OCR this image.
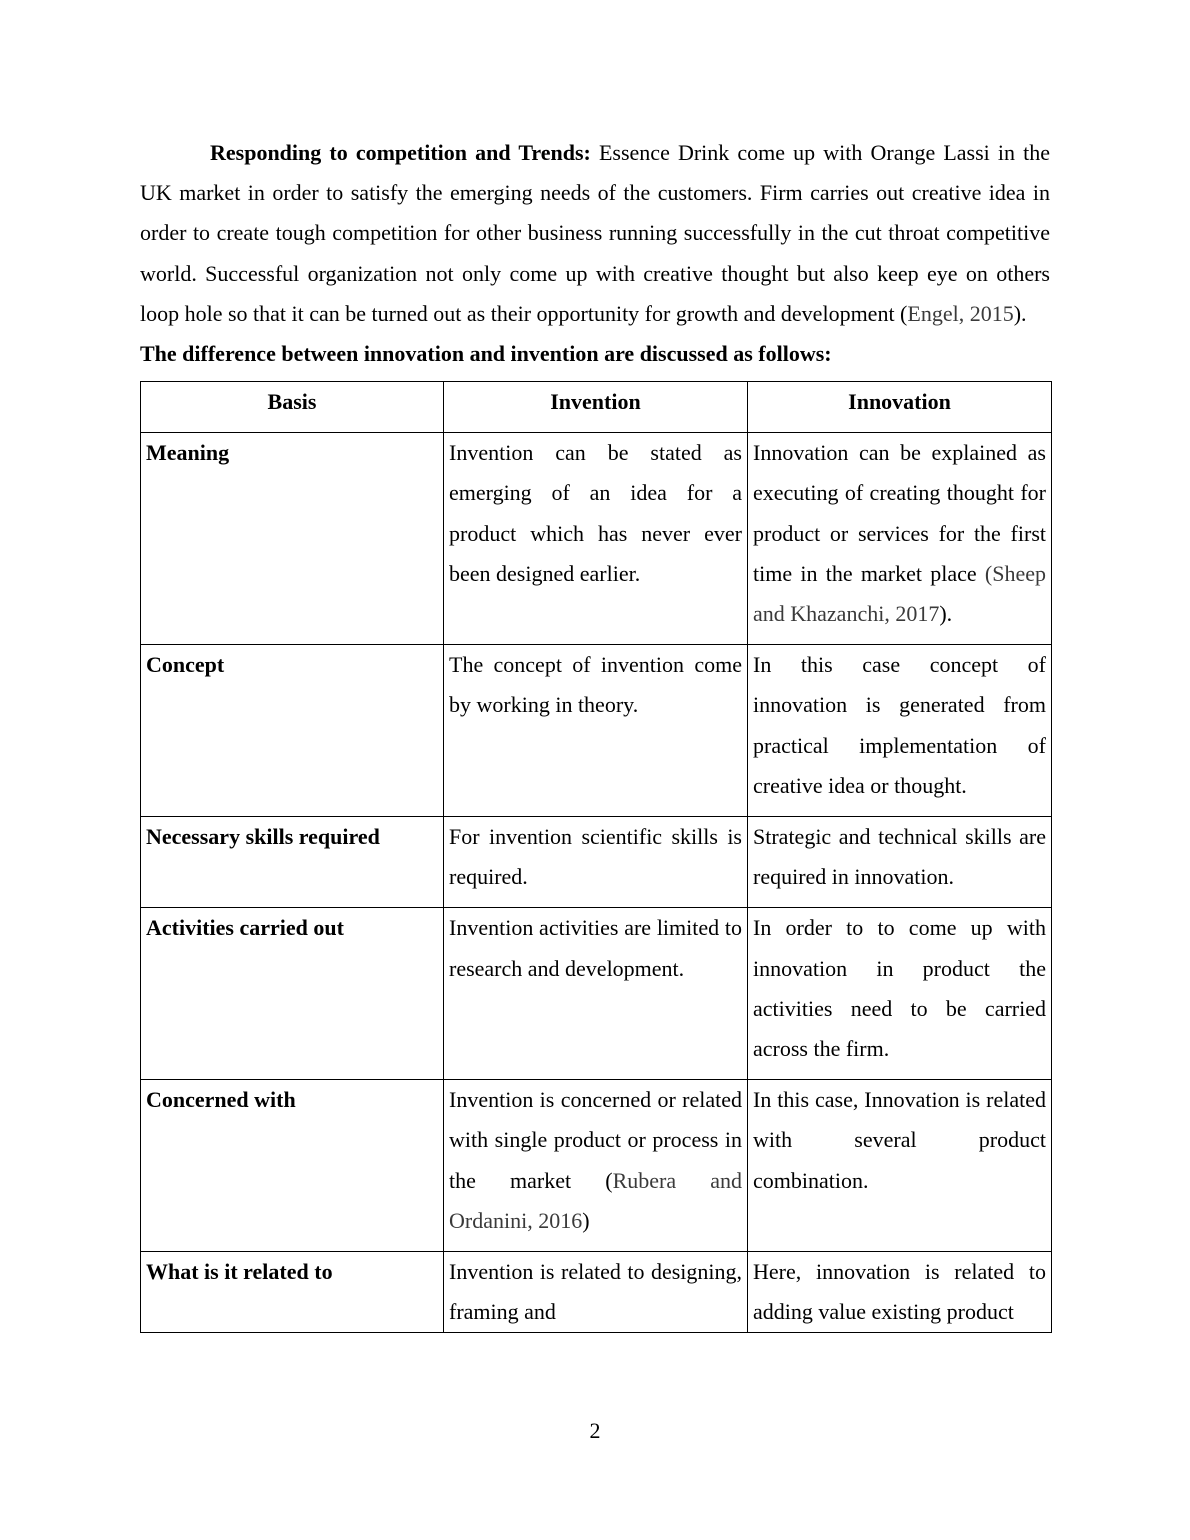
Responding to competition and Trends: Essence Drink come up with Orange Lassi in the UK market in order to satisfy the emerging needs of the customers. Firm carries out creative idea in order to create tough competition for other business running successfully in the cut throat competitive world. Successful organization not only come up with creative thought but also keep eye on others loop hole so that it can be turned out as their opportunity for growth and development (Engel, 2015).

The difference between innovation and invention are discussed as follows:

Basis	Invention	Innovation
Meaning	Invention can be stated as emerging of an idea for a product which has never ever been designed earlier.	Innovation can be explained as executing of creating thought for product or services for the first time in the market place (Sheep and Khazanchi, 2017).
Concept	The concept of invention come by working in theory.	In this case concept of innovation is generated from practical implementation of creative idea or thought.
Necessary skills required	For invention scientific skills is required.	Strategic and technical skills are required in innovation.
Activities carried out	Invention activities are limited to research and development.	In order to to come up with innovation in product the activities need to be carried across the firm.
Concerned with	Invention is concerned or related with single product or process in the market (Rubera and Ordanini, 2016)	In this case, Innovation is related with several product combination.
What is it related to	Invention is related to designing, framing and	Here, innovation is related to adding value existing product
2
